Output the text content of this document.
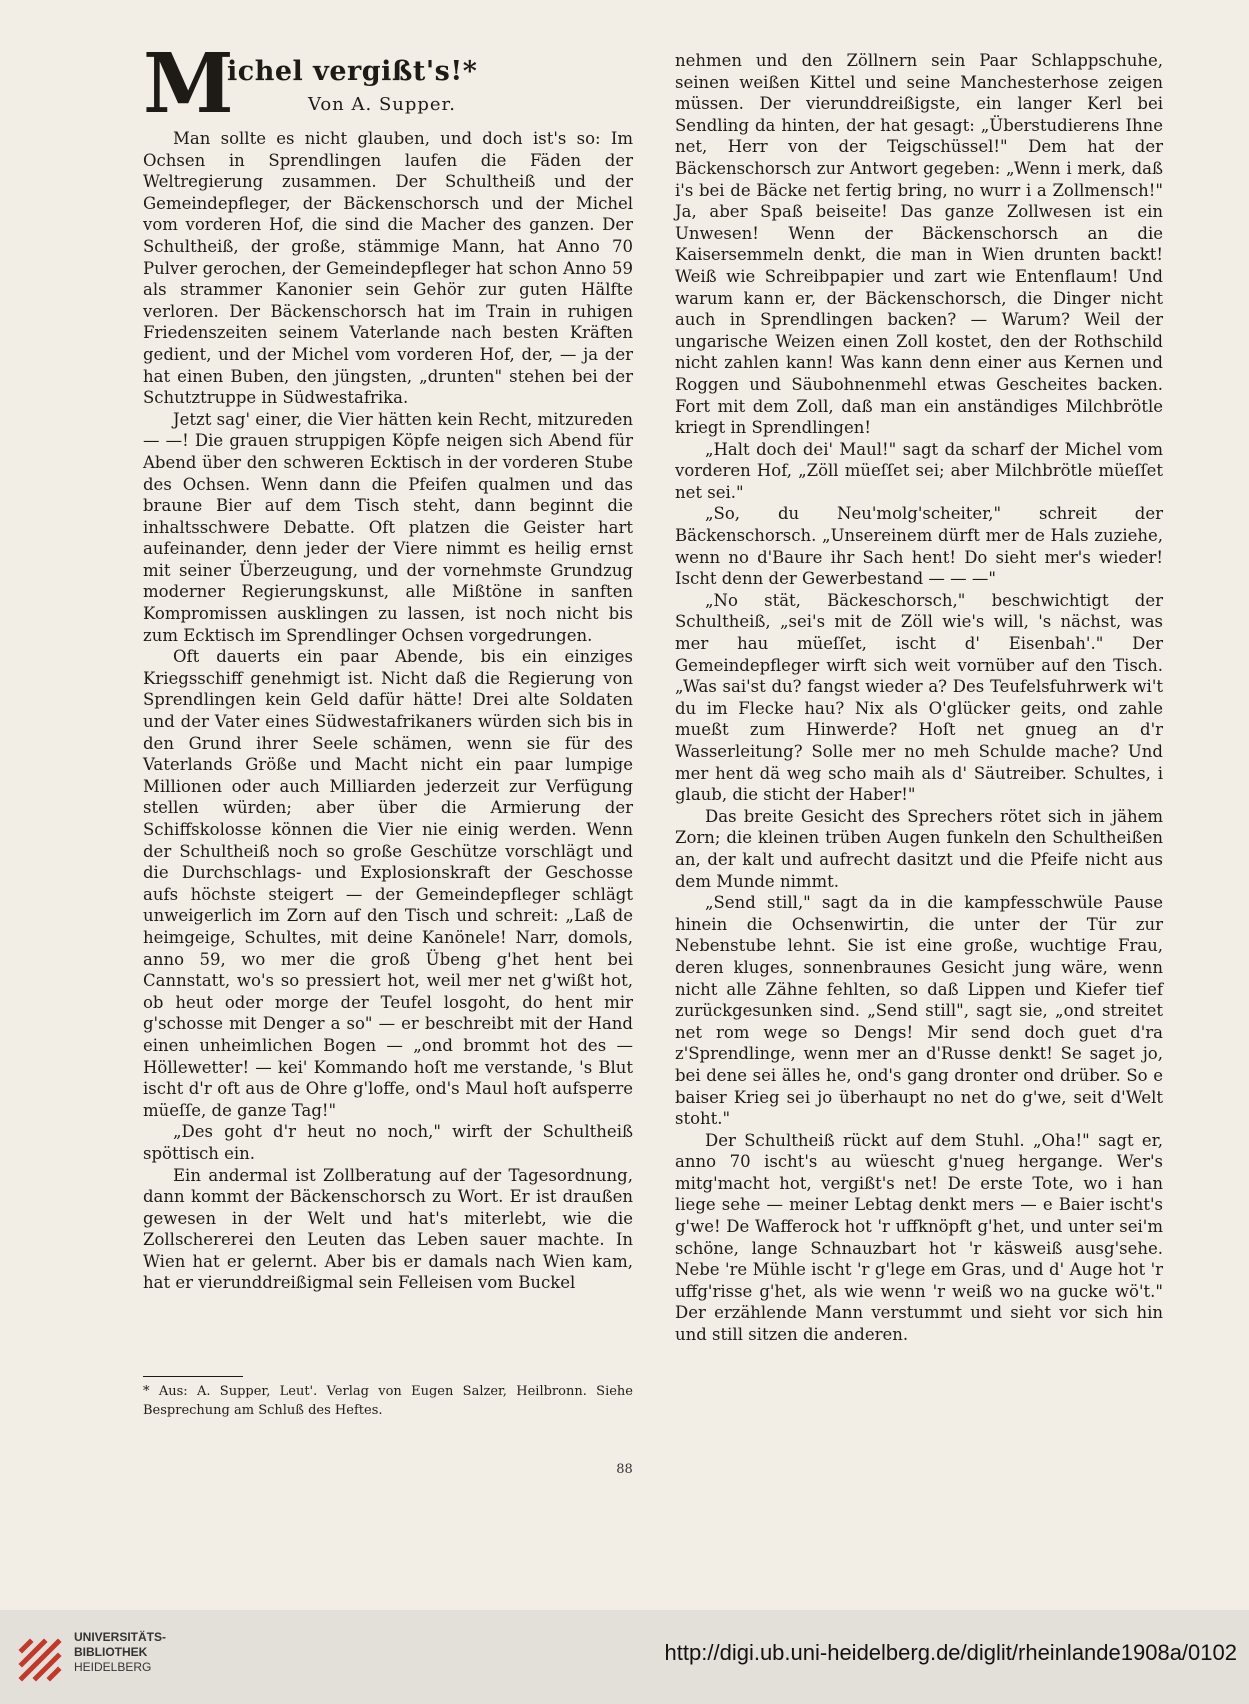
M
ichel vergißt's!*
Von A. Supper.

Man sollte es nicht glauben, und doch ist's so: Im Ochsen in Sprendlingen laufen die Fäden der Weltregierung zusammen. Der Schultheiß und der Gemeindepfleger, der Bäckenschorsch und der Michel vom vorderen Hof, die sind die Macher des ganzen. Der Schultheiß, der große, stämmige Mann, hat Anno 70 Pulver gerochen, der Gemeindepfleger hat schon Anno 59 als strammer Kanonier sein Gehör zur guten Hälfte verloren. Der Bäckenschorsch hat im Train in ruhigen Friedenszeiten seinem Vaterlande nach besten Kräften gedient, und der Michel vom vorderen Hof, der, — ja der hat einen Buben, den jüngsten, „drunten" stehen bei der Schutztruppe in Südwestafrika.

Jetzt sag' einer, die Vier hätten kein Recht, mitzureden — —! Die grauen struppigen Köpfe neigen sich Abend für Abend über den schweren Ecktisch in der vorderen Stube des Ochsen. Wenn dann die Pfeifen qualmen und das braune Bier auf dem Tisch steht, dann beginnt die inhaltsschwere Debatte. Oft platzen die Geister hart aufeinander, denn jeder der Viere nimmt es heilig ernst mit seiner Überzeugung, und der vornehmste Grundzug moderner Regierungskunst, alle Mißtöne in sanften Kompromissen ausklingen zu lassen, ist noch nicht bis zum Ecktisch im Sprendlinger Ochsen vorgedrungen.

Oft dauerts ein paar Abende, bis ein einziges Kriegsschiff genehmigt ist. Nicht daß die Regierung von Sprendlingen kein Geld dafür hätte! Drei alte Soldaten und der Vater eines Südwestafrikaners würden sich bis in den Grund ihrer Seele schämen, wenn sie für des Vaterlands Größe und Macht nicht ein paar lumpige Millionen oder auch Milliarden jederzeit zur Verfügung stellen würden; aber über die Armierung der Schiffskolosse können die Vier nie einig werden. Wenn der Schultheiß noch so große Geschütze vorschlägt und die Durchschlags- und Explosionskraft der Geschosse aufs höchste steigert — der Gemeindepfleger schlägt unweigerlich im Zorn auf den Tisch und schreit: „Laß de heimgeige, Schultes, mit deine Kanönele! Narr, domols, anno 59, wo mer die groß Übeng g'het hent bei Cannstatt, wo's so pressiert hot, weil mer net g'wißt hot, ob heut oder morge der Teufel losgoht, do hent mir g'schosse mit Denger a so" — er beschreibt mit der Hand einen unheimlichen Bogen — „ond brommt hot des — Höllewetter! — kei' Kommando hoſt me verstande, 's Blut ischt d'r oft aus de Ohre g'loffe, ond's Maul hoſt aufsperre müeſſe, de ganze Tag!"

„Des goht d'r heut no noch," wirft der Schultheiß spöttisch ein.

Ein andermal ist Zollberatung auf der Tagesordnung, dann kommt der Bäckenschorsch zu Wort. Er ist draußen gewesen in der Welt und hat's miterlebt, wie die Zollschererei den Leuten das Leben sauer machte. In Wien hat er gelernt. Aber bis er damals nach Wien kam, hat er vierunddreißigmal sein Felleisen vom Buckel

* Aus: A. Supper, Leut'. Verlag von Eugen Salzer, Heilbronn. Siehe Besprechung am Schluß des Heftes.

nehmen und den Zöllnern sein Paar Schlappschuhe, seinen weißen Kittel und seine Manchesterhose zeigen müssen. Der vierunddreißigste, ein langer Kerl bei Sendling da hinten, der hat gesagt: „Überstudierens Ihne net, Herr von der Teigschüssel!" Dem hat der Bäckenschorsch zur Antwort gegeben: „Wenn i merk, daß i's bei de Bäcke net fertig bring, no wurr i a Zollmensch!" Ja, aber Spaß beiseite! Das ganze Zollwesen ist ein Unwesen! Wenn der Bäckenschorsch an die Kaisersemmeln denkt, die man in Wien drunten backt! Weiß wie Schreibpapier und zart wie Entenflaum! Und warum kann er, der Bäckenschorsch, die Dinger nicht auch in Sprendlingen backen? — Warum? Weil der ungarische Weizen einen Zoll kostet, den der Rothschild nicht zahlen kann! Was kann denn einer aus Kernen und Roggen und Säubohnenmehl etwas Gescheites backen. Fort mit dem Zoll, daß man ein anständiges Milchbrötle kriegt in Sprendlingen!

„Halt doch dei' Maul!" sagt da scharf der Michel vom vorderen Hof, „Zöll müeſſet sei; aber Milchbrötle müeſſet net sei."

„So, du Neu'molg'scheiter," schreit der Bäckenschorsch. „Unsereinem dürft mer de Hals zuziehe, wenn no d'Baure ihr Sach hent! Do sieht mer's wieder! Ischt denn der Gewerbestand — — —"

„No stät, Bäckeschorsch," beschwichtigt der Schultheiß, „sei's mit de Zöll wie's will, 's nächst, was mer hau müeſſet, ischt d' Eisenbah'." Der Gemeindepfleger wirft sich weit vornüber auf den Tisch. „Was sai'st du? fangst wieder a? Des Teufelsfuhrwerk wi't du im Flecke hau? Nix als O'glücker geits, ond zahle mueßt zum Hinwerde? Hoſt net gnueg an d'r Wasserleitung? Solle mer no meh Schulde mache? Und mer hent dä weg scho maih als d' Säutreiber. Schultes, i glaub, die sticht der Haber!"

Das breite Gesicht des Sprechers rötet sich in jähem Zorn; die kleinen trüben Augen funkeln den Schultheißen an, der kalt und aufrecht dasitzt und die Pfeife nicht aus dem Munde nimmt.

„Send still," sagt da in die kampfesschwüle Pause hinein die Ochsenwirtin, die unter der Tür zur Nebenstube lehnt. Sie ist eine große, wuchtige Frau, deren kluges, sonnenbraunes Gesicht jung wäre, wenn nicht alle Zähne fehlten, so daß Lippen und Kiefer tief zurückgesunken sind. „Send still", sagt sie, „ond streitet net rom wege so Dengs! Mir send doch guet d'ra z'Sprendlinge, wenn mer an d'Russe denkt! Se saget jo, bei dene sei älles he, ond's gang dronter ond drüber. So e baiser Krieg sei jo überhaupt no net do g'we, seit d'Welt stoht."

Der Schultheiß rückt auf dem Stuhl. „Oha!" sagt er, anno 70 ischt's au wüescht g'nueg hergange. Wer's mitg'macht hot, vergißt's net! De erste Tote, wo i han liege sehe — meiner Lebtag denkt mers — e Baier ischt's g'we! De Wafferock hot 'r uffknöpft g'het, und unter sei'm schöne, lange Schnauzbart hot 'r käsweiß ausg'sehe. Nebe 're Mühle ischt 'r g'lege em Gras, und d' Auge hot 'r uffg'risse g'het, als wie wenn 'r weiß wo na gucke wö't." Der erzählende Mann verstummt und sieht vor sich hin und still sitzen die anderen.

88
UNIVERSITÄTS-
BIBLIOTHEK
HEIDELBERG
http://digi.ub.uni-heidelberg.de/diglit/rheinlande1908a/0102
